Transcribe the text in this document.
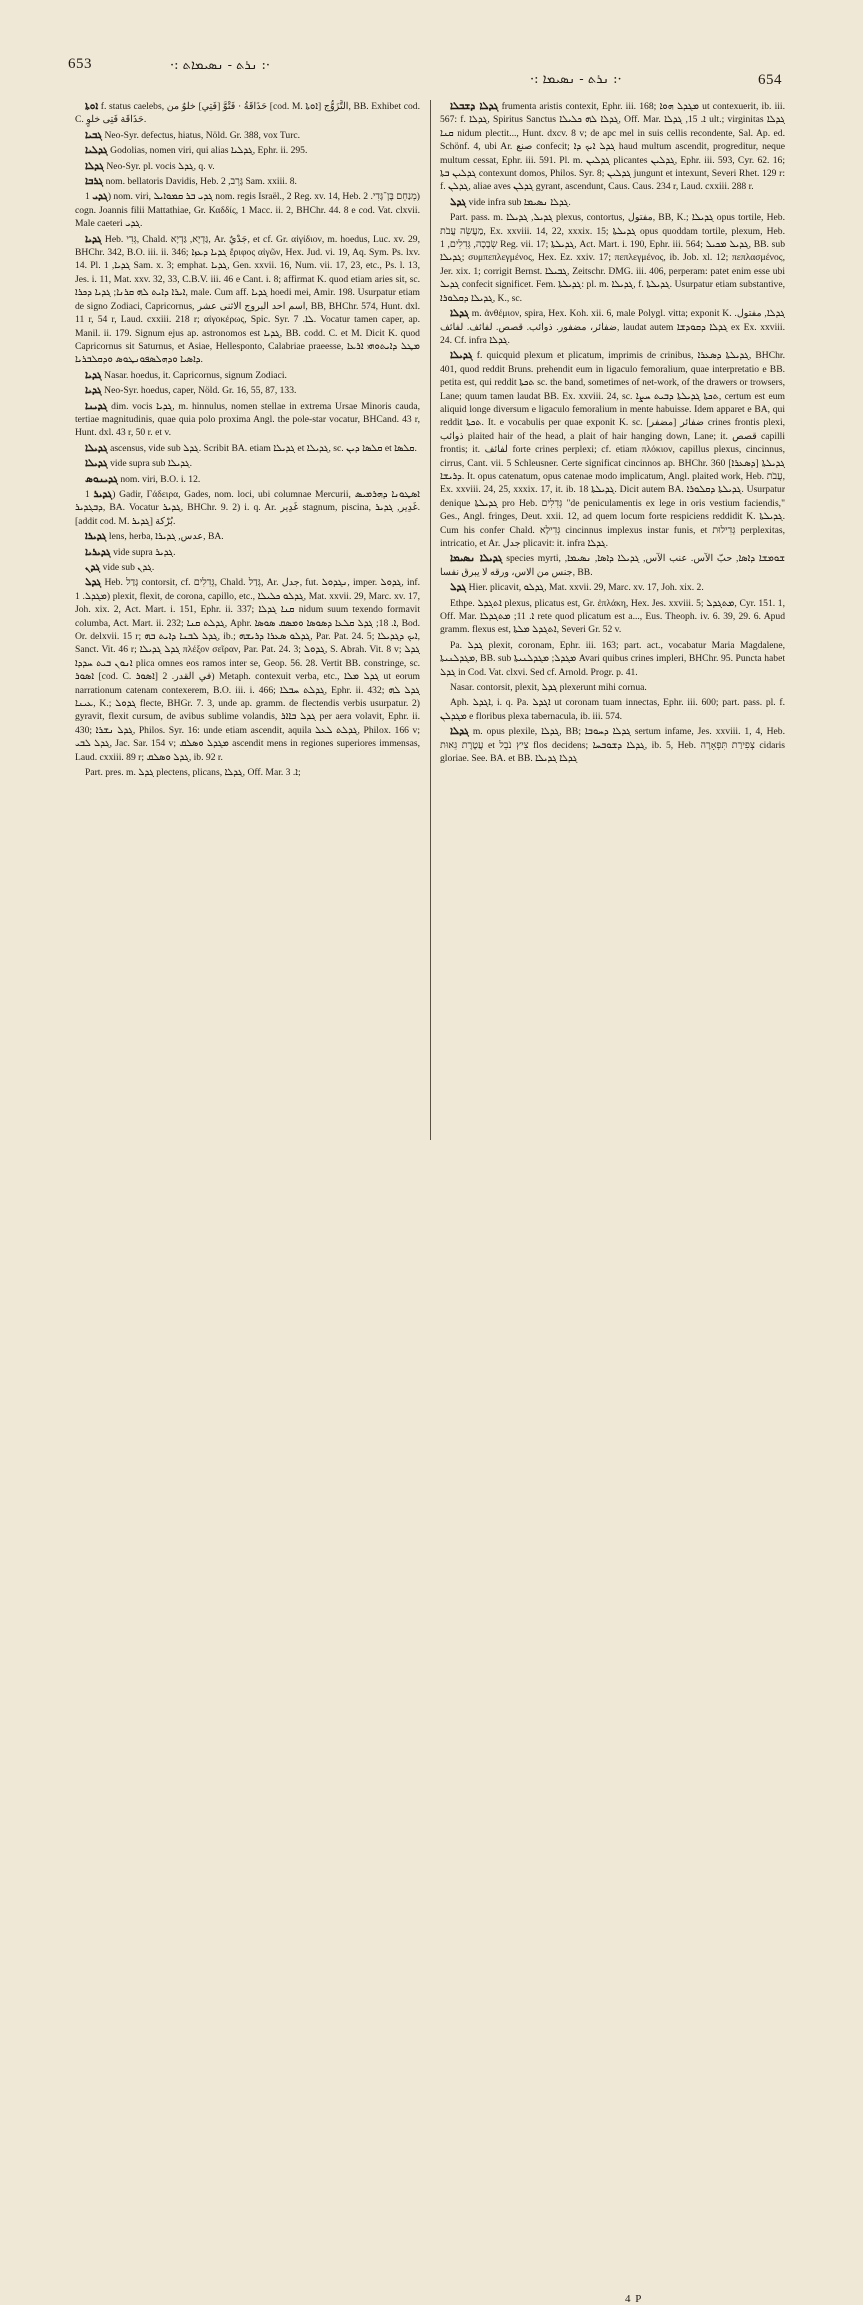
653	·: ܢܪܬ - ܢܣܝܡܐܬ :·
·: ܢܪܬ - ܢܣܝܡܐ :·	654

ܐܘܬܐ f. status caelebs, حَذَاقَةُ · فَتْوَّ [فَتِي] خلوٌ من [cod. M. ܐܘܬܐ] التَّزَوُّج, BB. Exhibet cod. C. حَذَاقَة فَتِى خلوٍ.

ܓܒܝܐ Neo-Syr. defectus, hiatus, Nöld. Gr. 388, vox Turc.

ܓܕܠܝܐ Godolias, nomen viri, qui alias ܓܕܠܝܐ, Ephr. ii. 295.

ܓܕܠܐ Neo-Syr. pl. vocis ܓܕܠ, q. v.

ܓܪܒܐ nom. bellatoris Davidis, Heb. גָּרֵב, 2 Sam. xxiii. 8.

ܓܕܝ 1) nom. viri, ܓܕܝ ܒܪ ܩܡܘܐܝܠ nom. regis Israël., 2 Reg. xv. 14, Heb. מְנַחֵם בֶּן־גָּדִי. 2) cogn. Joannis filii Mattathiae, Gr. Καδδίς, 1 Macc. ii. 2, BHChr. 44. 8 e cod. Vat. clxvii. Male caeteri ܓܕܝ.

ܓܕܝܐ Heb. גְּדִי, Chald. גַּדְיָא, גַּדְיָא, Ar. جَدْيٌ, et cf. Gr. αἰγίδιον, m. hoedus, Luc. xv. 29, BHChr. 342, B.O. iii. ii. 346; ܓܕܝܐ ܕܥܙܐ ἔριφος αἰγῶν, Hex. Jud. vi. 19, Aq. Sym. Ps. lxv. 14. Pl. ܓܕܝܐ, 1 Sam. x. 3; emphat. ܓܕܝܐ, Gen. xxvii. 16, Num. vii. 17, 23, etc., Ps. l. 13, Jes. i. 11, Mat. xxv. 32, 33, C.B.V. iii. 46 e Cant. i. 8; affirmat K. quod etiam aries sit, sc. ܐܝܪܐ ܕܐܝܬ ܠܗ ܩܪܢܐ; ܓܕܝܐ ܕܟܪܐ, male. Cum aff. ܓܕܝܐ hoedi mei, Amir. 198. Usurpatur etiam de signo Zodiaci, Capricornus, اسم احد البروج الاثنى عشر, BB, BHChr. 574, Hunt. dxl. 11 r, 54 r, Laud. cxxiii. 218 r; αἰγοκέρως, Spic. Syr. ܠܐ. 7. Vocatur tamen caper, ap. Manil. ii. 179. Signum ejus ap. astronomos est ܓܕܝܐ, BB. codd. C. et M. Dicit K. quod Capricornus sit Saturnus, et Asiae, Hellesponto, Calabriae praeesse, ܡܛܠ ܕܐܝܬܘܗܝ ܐܪܥܐ ܕܐܣܝܐ ܘܕܗܠܣܦܘܢܛܘܣ ܘܕܩܠܒܪܝܐ.

ܓܕܝܐ Nasar. hoedus, it. Capricornus, signum Zodiaci.

ܓܕܝܐ Neo-Syr. hoedus, caper, Nöld. Gr. 16, 55, 87, 133.

ܓܕܝܢܐ dim. vocis ܓܕܝܐ, m. hinnulus, nomen stellae in extrema Ursae Minoris cauda, tertiae magnitudinis, quae quia polo proxima Angl. the pole-star vocatur, BHCand. 43 r, Hunt. dxl. 43 r, 50 r. et v.

ܓܕܝܠܐ ascensus, vide sub ܓܕܠ. Scribit BA. etiam ܓܕܝܠܐ et ܓܕܝܠܐ, sc. ܩܠܣܐ ܕܝܢ et ܩܠܣܐ.

ܓܕܝܠܐ vide supra sub ܓܕܝܠܐ.

ܓܕܝܢܘܣ nom. viri, B.O. i. 12.

ܓܕܝܪ 1) Gadir, Γάδειρα, Gades, nom. loci, ubi columnae Mercurii, ܐܣܛܘܢܐ ܕܗܪܡܝܣ ܕܒܓܕܝܪ, BA. Vocatur ܓܕܝܪ, BHChr. 9. 2) i. q. Ar. غَدِير stagnum, piscina, غَدِير, ܓܕܝܪ. [addit cod. M. ܓܕܝܪ] بُرْكة.

ܓܕܝܪܐ lens, herba, عدس, ܓܕܝܪܐ, BA.

ܓܕܝܪܝܐ vide supra ܓܕܝܪ.

ܓܕܢ vide sub ܓܕܢ.

ܓܕܠ Heb. גָּדַל contorsit, cf. גְּדִלִים, Chald. גְּדַל, Ar. جدل, fut. ܢܓܕܘܠ, imper. ܓܕܘܠ, inf. ܡܓܕܠ. 1) plexit, flexit, de corona, capillo, etc., ܓܕܠܘ ܟܠܝܠܐ, Mat. xxvii. 29, Marc. xv. 17, Joh. xix. 2, Act. Mart. i. 151, Ephr. ii. 337; ܩܢܐ ܓܕܠܐ nidum suum texendo formavit columba, Act. Mart. ii. 232; ܓܕܠܬ ܩܢܐ, Aphr. ܐ. 18; ܓܕܠ ܩܠܥܐ ܕܣܘܣܐ ܘܡܣܩ ܣܘܣܐ, Bod. Or. delxvii. 15 r; ܓܕܠ ܠܒܢܐ ܕܐܝܬ ܒܗ, ib.; ܓܕܠܘ ܣܥܪܐ ܕܪܝܫܗ, Par. Pat. 24. 5; ܐܝܟ ܕܓܕܝܠܐ, Sanct. Vit. 46 r; ܓܕܠ ܓܕܝܠܐ πλέξον σεῖραν, Par. Pat. 24. 3; ܓܕܘܠ, S. Abrah. Vit. 8 v; ܓܕܠ ܐܢܘܢ ܒܝܬ ܚܕܕܐ plica omnes eos ramos inter se, Geop. 56. 28. Vertit BB. constringe, sc. ܐܣܘܪ [cod. C. ܐܣܘܪ] في القدر. 2) Metaph. contexuit verba, etc., ܓܕܠ ܡܠܐ ut eorum narrationum catenam contexerem, B.O. iii. i. 466; ܓܕܠܬ ܚܒܠܐ, Ephr. ii. 432; ܓܕܠ ܠܗ ܥܝܢܐ, K.; ܓܕܘܠ flecte, BHGr. 7. 3, unde ap. gramm. de flectendis verbis usurpatur. 2) gyravit, flexit cursum, de avibus sublime volandis, ܓܕܠ ܒܐܐܪ per aera volavit, Ephr. ii. 430; ܓܕܠ ܢܫܪܐ, Philos. Syr. 16: unde etiam ascendit, aquila ܓܕܠܬ ܠܥܠ, Philox. 166 v; ܓܕܠ ܠܒܝ, Jac. Sar. 154 v; ܡܓܕܠ ܘܣܠܩ ascendit mens in regiones superiores immensas, Laud. cxxiii. 89 r; ܓܕܠ ܘܣܠܩ, ib. 92 r.

Part. pres. m. ܓܕܠ plectens, plicans, ܓܕܠܐ, Off. Mar. ܐ. 3;

ܓܕܠܐ ܕܫܒܠܐ frumenta aristis contexit, Ephr. iii. 168; ܡܓܕܠ ܗܘܐ ut contexuerit, ib. iii. 567: f. ܓܕܠܐ, Spiritus Sanctus ܓܕܠܐ ܠܗ ܟܠܝܠܐ, Off. Mar. ܐ. 15, ܓܕܠܐ ult.; virginitas ܓܕܠܐ ܩܢܐ nidum plectit..., Hunt. dxcv. 8 v; de apc mel in suis cellis recondente, Sal. Ap. ed. Schönf. 4, ubi Ar. صنع confecit; ܓܕܠ ܐܝܟ ܕܐ haud multum ascendit, progreditur, neque multum cessat, Ephr. iii. 591. Pl. m. ܓܕܠܝܢ plicantes ܓܕܠܝܢ, Ephr. iii. 593, Cyr. 62. 16; ܓܕܠܝܢ ܒܬܐ contexunt domos, Philos. Syr. 8; ܓܕܠܝܢ jungunt et intexunt, Severi Rhet. 129 r: f. ܓܕܠܢ, aliae aves ܓܕܠܢ gyrant, ascendunt, Caus. Caus. 234 r, Laud. cxxiii. 288 r.

ܓܕܠ vide infra sub ܓܕܠܐ ܢܣܝܡܐ.

Part. pass. m. ܓܕܝܠ, ܓܕܝܠܐ plexus, contortus, مفتول, BB, K.; ܓܕܝܠܐ opus tortile, Heb. מַעֲשֵׂה עֲבֹת, Ex. xxviii. 14, 22, xxxix. 15; ܓܕܝܠܬܐ opus quoddam tortile, plexum, Heb. שְׂבָכָה, גְּדִלִים, 1 Reg. vii. 17; ܓܕܝܠܬܐ, Act. Mart. i. 190, Ephr. iii. 564; ܓܕܝܠ ܡܟܝܠ, BB. sub ܓܕܝܠܐ; συμπεπλεγμένος, Hex. Ez. xxiv. 17; πεπλεγμένος, ib. Job. xl. 12; πεπλασμένος, Jer. xix. 1; corrigit Bernst. ܓܒܝܠܐ, Zeitschr. DMG. iii. 406, perperam: patet enim esse ubi ܓܕܝܠ confecit significet. Fem. ܓܕܝܠܬܐ: pl. m. ܓܕܝܠܐ, f. ܓܕܝܠܬܐ. Usurpatur etiam substantive, ܓܕܝܠܐ ܕܩܠܘܪܐ, K., sc.

ܓܕܠܐ m. ἀνθέμιον, spira, Hex. Koh. xii. 6, male Polygl. vitta; exponit K. ܓܕܠܐ, مفتول. ضفائر، مضفور. ذوائب. قصص. لفائف. لفائف, laudat autem ܓܕܠܐ ܕܩܘܕܫܐ ex Ex. xxviii. 24. Cf. infra ܓܕܠܐ.

ܓܕܝܠܐ f. quicquid plexum et plicatum, imprimis de crinibus, ܓܕܝܠܬܐ ܕܣܥܪܐ, BHChr. 401, quod reddit Bruns. prehendit eum in ligaculo femoralium, quae interpretatio e BB. petita est, qui reddit ܬܟܬܐ sc. the band, sometimes of net-work, of the drawers or trowsers, Lane; quum tamen laudat BB. Ex. xxviii. 24, sc. ܬܟܬܐ ܓܕܝܠܬܐ ܕܒܝܬ ܚܨܐ, certum est eum aliquid longe diversum e ligaculo femoralium in mente habuisse. Idem apparet e BA, qui reddit ܬܟܬܐ. It. e vocabulis per quae exponit K. sc. ضفائر [مضفر] crines frontis plexi, ذوائب plaited hair of the head, a plait of hair hanging down, Lane; it. قصص capilli frontis; it. لفائف forte crines perplexi; cf. etiam πλόκιον, capillus plexus, cincinnus, cirrus, Cant. vii. 5 Schleusner. Certe significat cincinnos ap. BHChr. 360 ܓܕܝܠܬܐ [ܕܣܥܪܐ] ܕܪܝܫܐ. It. opus catenatum, opus catenae modo implicatum, Angl. plaited work, Heb. עֲבֹת, Ex. xxviii. 24, 25, xxxix. 17, it. ib. 18 ܓܕܝܠܬܐ. Dicit autem BA. ܓܕܝܠܬܐ ܕܩܠܘܪܐ. Usurpatur denique ܓܕܝܠܬܐ pro Heb. גְּדִלִים "de peniculamentis ex lege in oris vestium faciendis," Ges., Angl. fringes, Deut. xxii. 12, ad quem locum forte respiciens reddidit K. ܓܕܝܠܬܐ. Cum his confer Chald. גְּדִילָא cincinnus implexus instar funis, et גְּדִילוּת perplexitas, intricatio, et Ar. جدل plicavit: it. infra ܓܕܠܐ.

ܓܕܝܠܐ ܢܣܝܡܐ species myrti, ܫܘܡܫܐ ܕܐܣܐ, حبّ الآس. عنب الآس, ܓܕܝܠܐ ܕܐܣܐ, ܢܣܝܡܐ, جنس من الاس، ورقه لا يبرق نفسا, BB.

ܓܕܠ Hier. plicavit, ܓܕܠܘ, Mat. xxvii. 29, Marc. xv. 17, Joh. xix. 2.

Ethpe. ܐܬܓܕܠ plexus, plicatus est, Gr. ἐπλάκη, Hex. Jes. xxviii. 5; ܡܬܓܕܠ, Cyr. 151. 1, Off. Mar. ܐ. 11; ܡܬܓܕܠܐ rete quod plicatum est a..., Eus. Theoph. iv. 6. 39, 29. 6. Apud gramm. flexus est, ܐܬܓܕܠ ܡܠܬܐ, Severi Gr. 52 v.

Pa. ܓܕܠ plexit, coronam, Ephr. iii. 163; part. act., vocabatur Maria Magdalene, ܡܓܕܠܢܝܬܐ, BB. sub ܡܓܕܠ; ܡܓܕܠܢܝܬܐ Avari quibus crines impleri, BHChr. 95. Puncta habet ܓܕܠ in Cod. Vat. clxvi. Sed cf. Arnold. Progr. p. 41.

Nasar. contorsit, plexit, ܓܕܠ plexerunt mihi cornua.

Aph. ܐܓܕܠ, i. q. Pa. ܐܓܕܠ ut coronam tuam innectas, Ephr. iii. 600; part. pass. pl. f. ܡܓܕܠܢ e floribus plexa tabernacula, ib. iii. 574.

ܓܕܠܐ m. opus plexile, ܓܕܠܐ, BB; ܓܕܠܐ ܕܚܘܒܐ sertum infame, Jes. xxviii. 1, 4, Heb. עֲטֶרֶת גֵּאוּת et צִיץ נֹבֵל flos decidens; ܓܕܠܐ ܕܫܘܒܚܐ, ib. 5, Heb. צְפִירַת תִּפְאָרָה cidaris gloriae. See. BA. et BB. ܓܕܠܐ ܓܕܝܠܐ

4 P
